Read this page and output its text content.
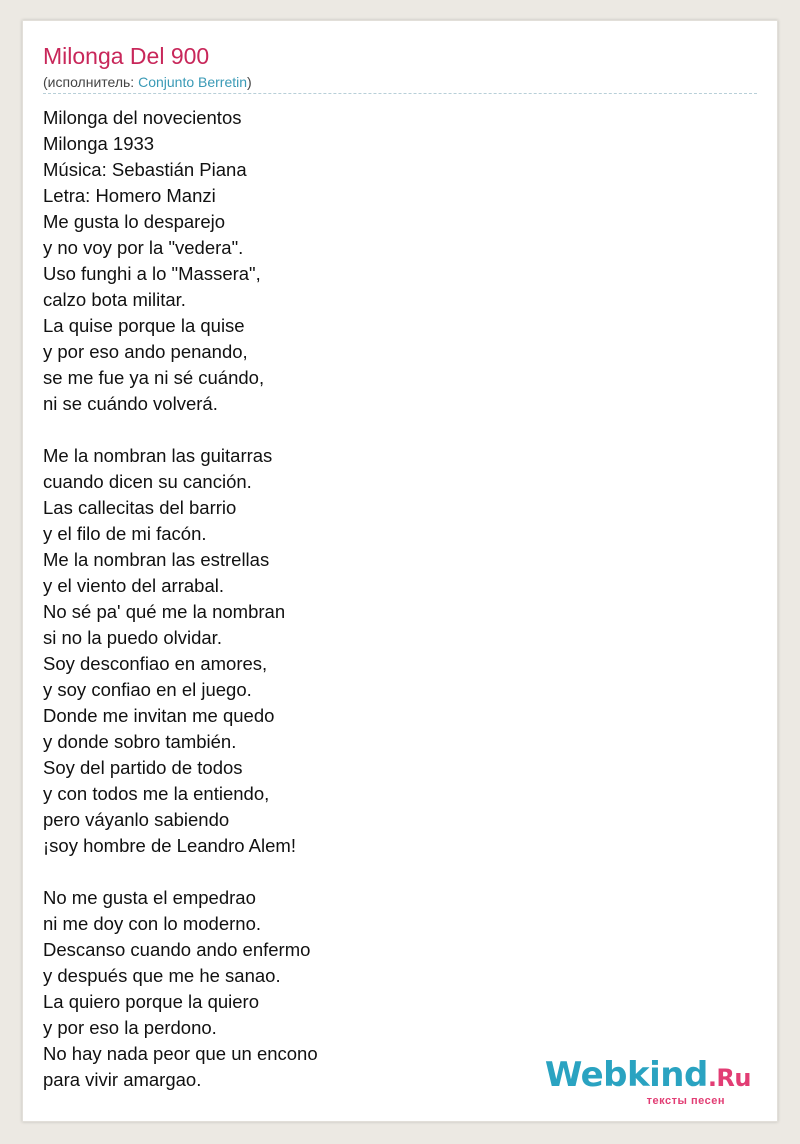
Milonga Del 900
(исполнитель: Conjunto Berretin)
Milonga del novecientos
Milonga 1933
Música: Sebastián Piana
Letra: Homero Manzi
Me gusta lo desparejo
y no voy por la "vedera".
Uso funghi a lo "Massera",
calzo bota militar.
La quise porque la quise
y por eso ando penando,
se me fue ya ni sé cuándo,
ni se cuándo volverá.
Me la nombran las guitarras
cuando dicen su canción.
Las callecitas del barrio
y el filo de mi facón.
Me la nombran las estrellas
y el viento del arrabal.
No sé pa' qué me la nombran
si no la puedo olvidar.
Soy desconfiao en amores,
y soy confiao en el juego.
Donde me invitan me quedo
y donde sobro también.
Soy del partido de todos
y con todos me la entiendo,
pero váyanlo sabiendo
¡soy hombre de Leandro Alem!
No me gusta el empedrao
ni me doy con lo moderno.
Descanso cuando ando enfermo
y después que me he sanao.
La quiero porque la quiero
y por eso la perdono.
No hay nada peor que un encono
para vivir amargao.	Webkind.Ru
тексты песен
